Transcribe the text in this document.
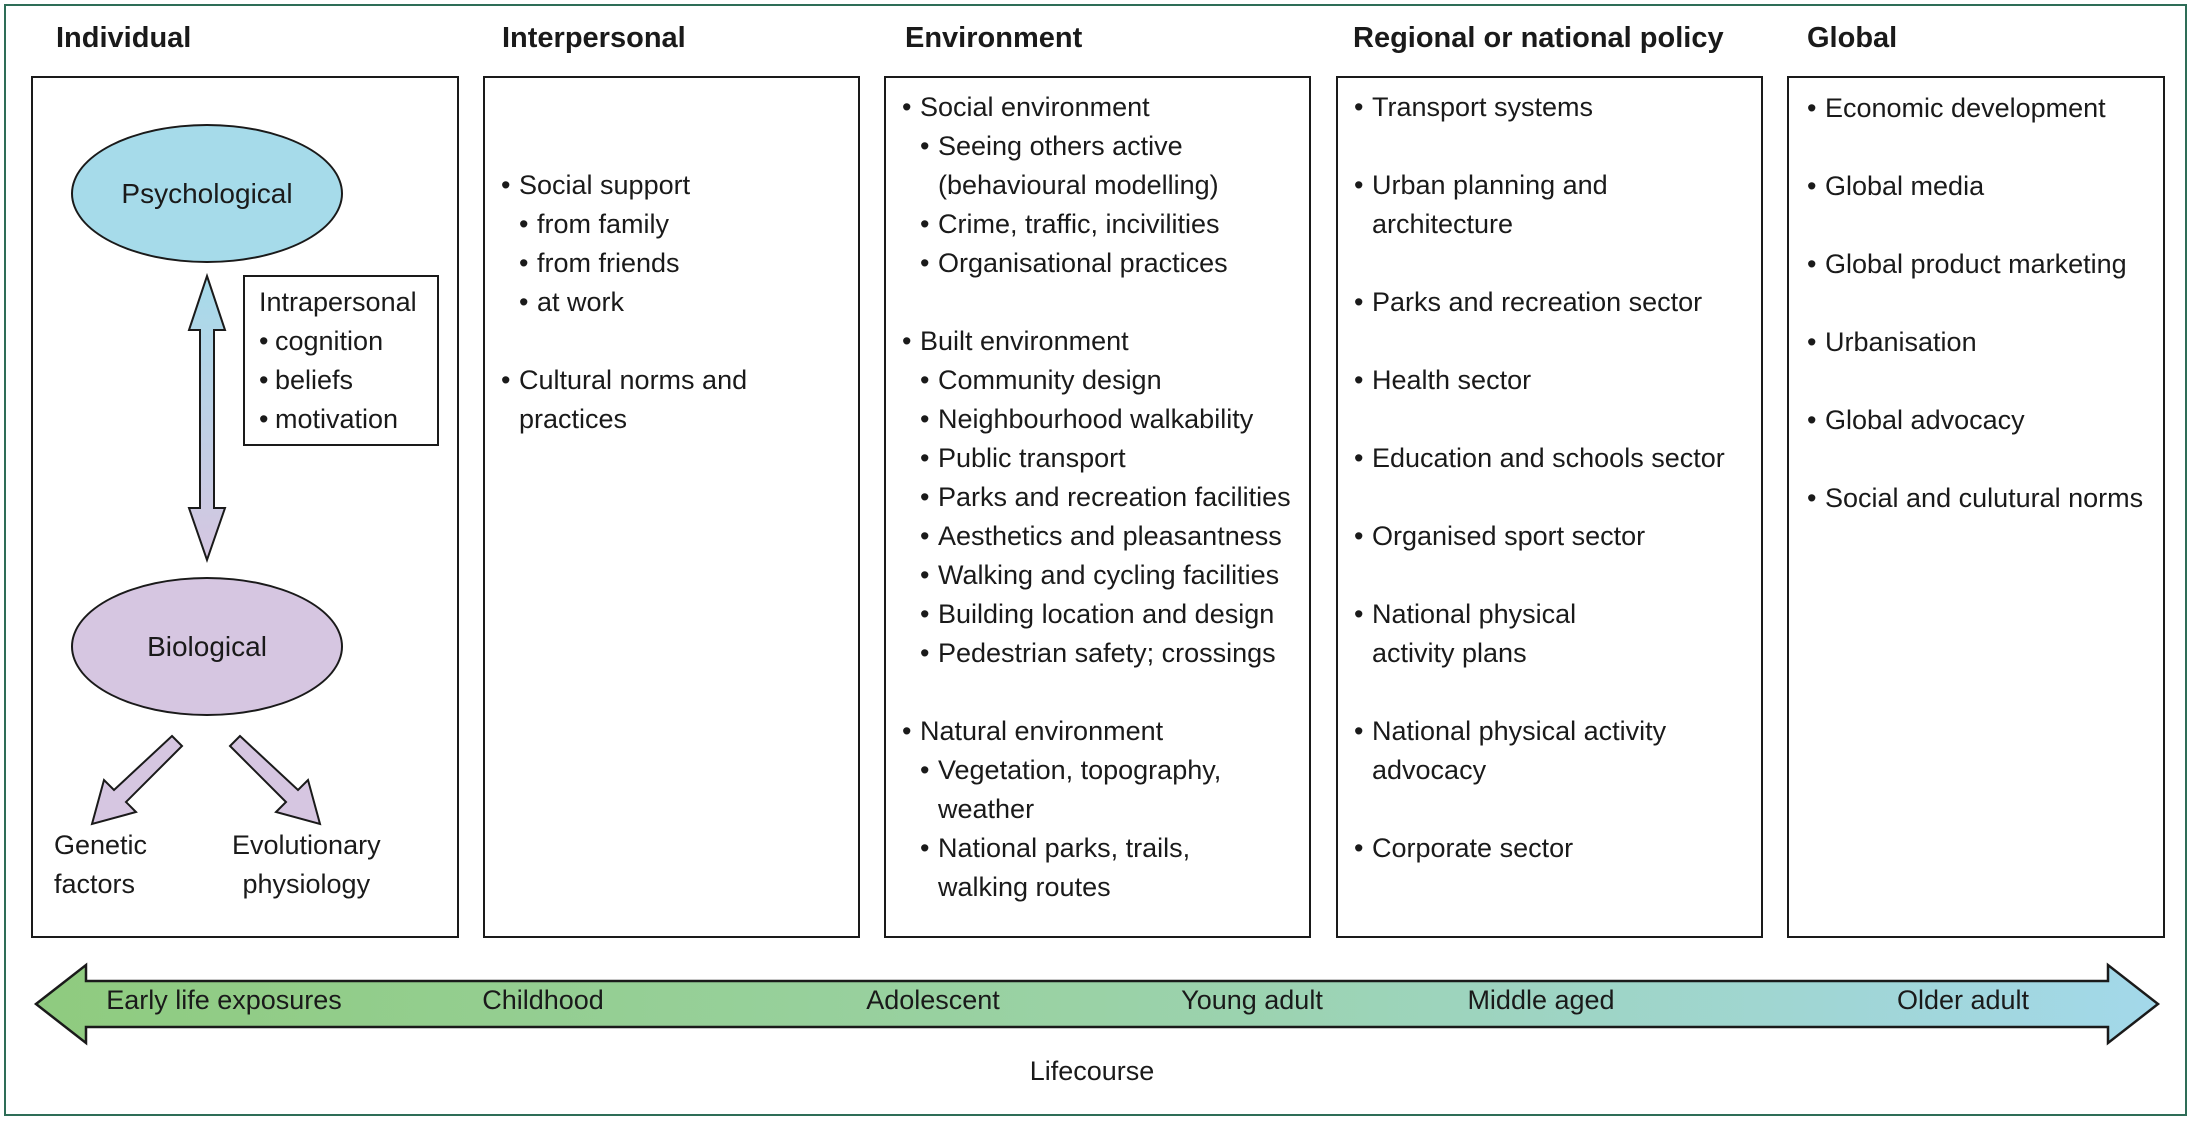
Individual	Interpersonal	Environment	Regional or national policy	Global
Psychological
Biological
Intrapersonal
• cognition
• beliefs
• motivation
Genetic
factors
Evolutionary
physiology
• Social support
• from family
• from friends
• at work
• Cultural norms and
practices
• Social environment
• Seeing others active
(behavioural modelling)
• Crime, traffic, incivilities
• Organisational practices
• Built environment
• Community design
• Neighbourhood walkability
• Public transport
• Parks and recreation facilities
• Aesthetics and pleasantness
• Walking and cycling facilities
• Building location and design
• Pedestrian safety; crossings
• Natural environment
• Vegetation, topography,
weather
• National parks, trails,
walking routes
• Transport systems
• Urban planning and
architecture
• Parks and recreation sector
• Health sector
• Education and schools sector
• Organised sport sector
• National physical
activity plans
• National physical activity
advocacy
• Corporate sector
• Economic development
• Global media
• Global product marketing
• Urbanisation
• Global advocacy
• Social and culutural norms
Early life exposures	Childhood	Adolescent	Young adult	Middle aged	Older adult
Lifecourse
